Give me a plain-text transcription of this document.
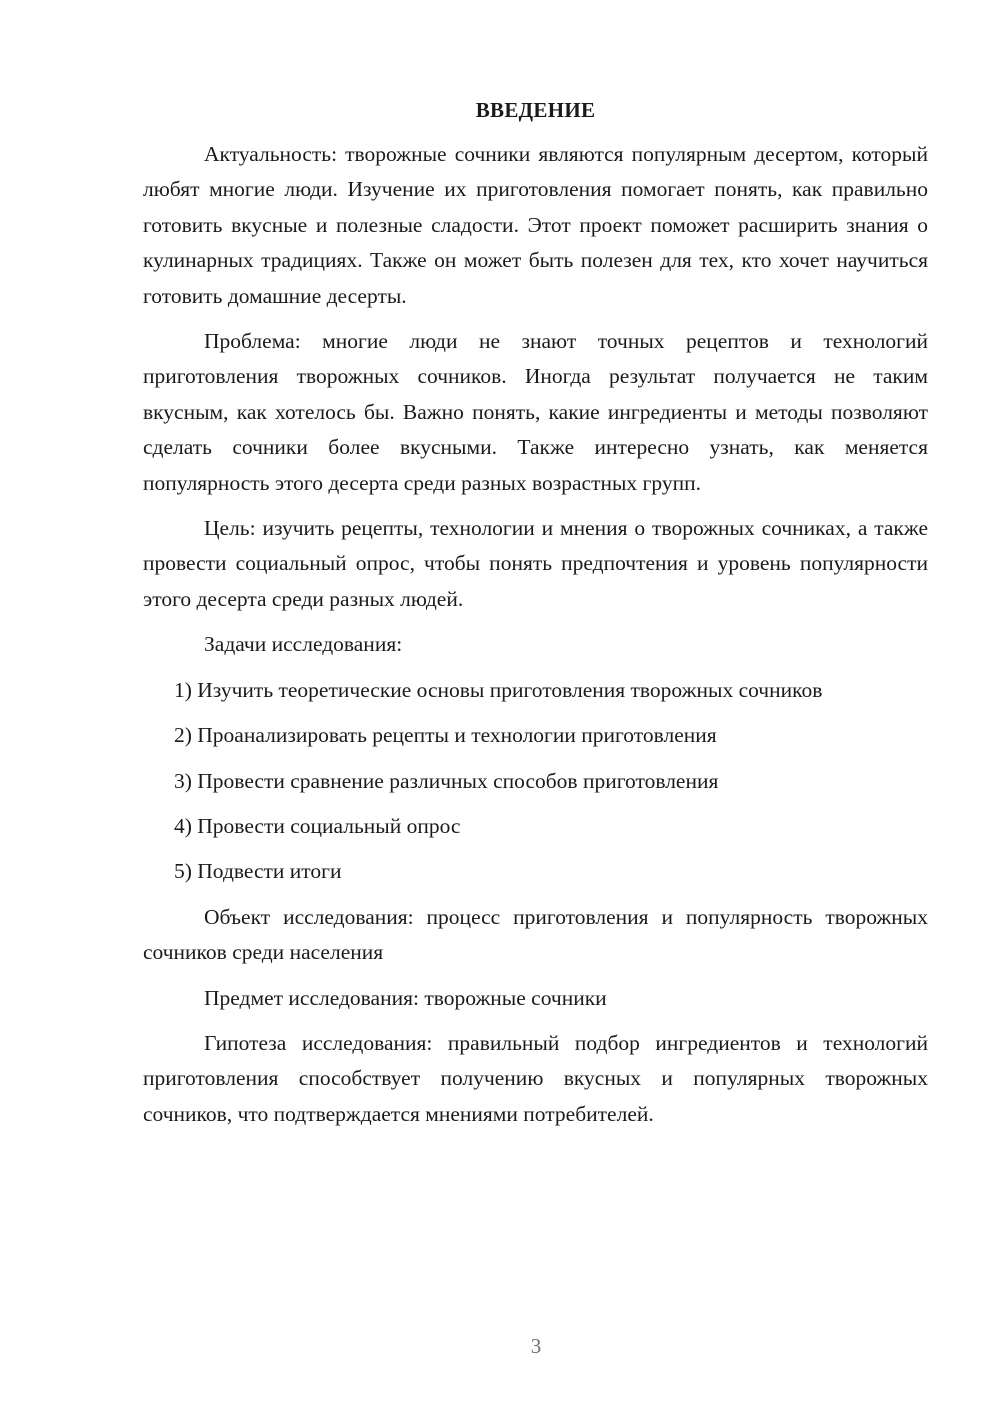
ВВЕДЕНИЕ

Актуальность: творожные сочники являются популярным десертом, который любят многие люди. Изучение их приготовления помогает понять, как правильно готовить вкусные и полезные сладости. Этот проект поможет расширить знания о кулинарных традициях. Также он может быть полезен для тех, кто хочет научиться готовить домашние десерты.

Проблема: многие люди не знают точных рецептов и технологий приготовления творожных сочников. Иногда результат получается не таким вкусным, как хотелось бы. Важно понять, какие ингредиенты и методы позволяют сделать сочники более вкусными. Также интересно узнать, как меняется популярность этого десерта среди разных возрастных групп.

Цель: изучить рецепты, технологии и мнения о творожных сочниках, а также провести социальный опрос, чтобы понять предпочтения и уровень популярности этого десерта среди разных людей.

Задачи исследования:
1) Изучить теоретические основы приготовления творожных сочников
2) Проанализировать рецепты и технологии приготовления
3) Провести сравнение различных способов приготовления
4) Провести социальный опрос
5) Подвести итоги

Объект исследования: процесс приготовления и популярность творожных сочников среди населения

Предмет исследования: творожные сочники

Гипотеза исследования: правильный подбор ингредиентов и технологий приготовления способствует получению вкусных и популярных творожных сочников, что подтверждается мнениями потребителей.

3
